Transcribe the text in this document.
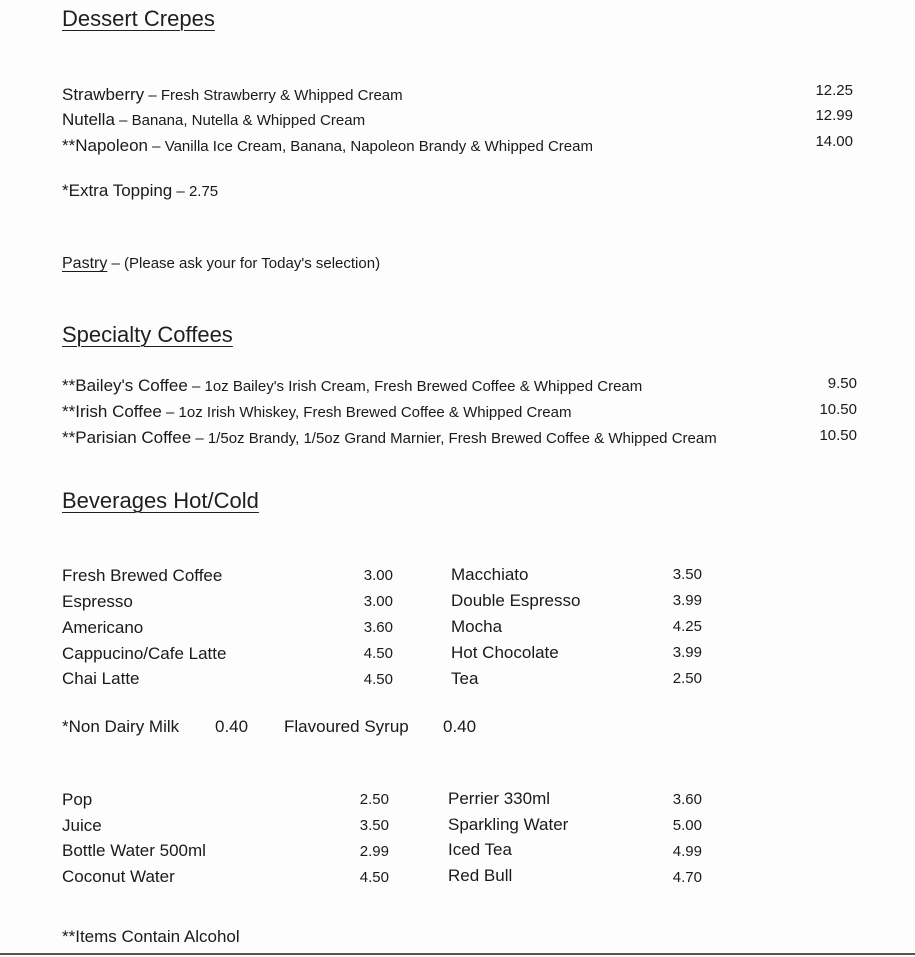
Dessert Crepes
Strawberry – Fresh Strawberry & Whipped Cream	12.25
Nutella – Banana, Nutella & Whipped Cream	12.99
**Napoleon – Vanilla Ice Cream, Banana, Napoleon Brandy & Whipped Cream	14.00
*Extra Topping – 2.75
Pastry – (Please ask your for Today's selection)
Specialty Coffees
**Bailey's Coffee – 1oz Bailey's Irish Cream, Fresh Brewed Coffee & Whipped Cream	9.50
**Irish Coffee – 1oz Irish Whiskey, Fresh Brewed Coffee & Whipped Cream	10.50
**Parisian Coffee – 1/5oz Brandy, 1/5oz Grand Marnier, Fresh Brewed Coffee & Whipped Cream	10.50
Beverages Hot/Cold
Fresh Brewed Coffee	3.00
Espresso	3.00
Americano	3.60
Cappucino/Cafe Latte	4.50
Chai Latte	4.50
Macchiato	3.50
Double Espresso	3.99
Mocha	4.25
Hot Chocolate	3.99
Tea	2.50
*Non Dairy Milk 0.40 Flavoured Syrup 0.40
Pop	2.50
Juice	3.50
Bottle Water 500ml	2.99
Coconut Water	4.50
Perrier 330ml	3.60
Sparkling Water	5.00
Iced Tea	4.99
Red Bull	4.70
**Items Contain Alcohol
